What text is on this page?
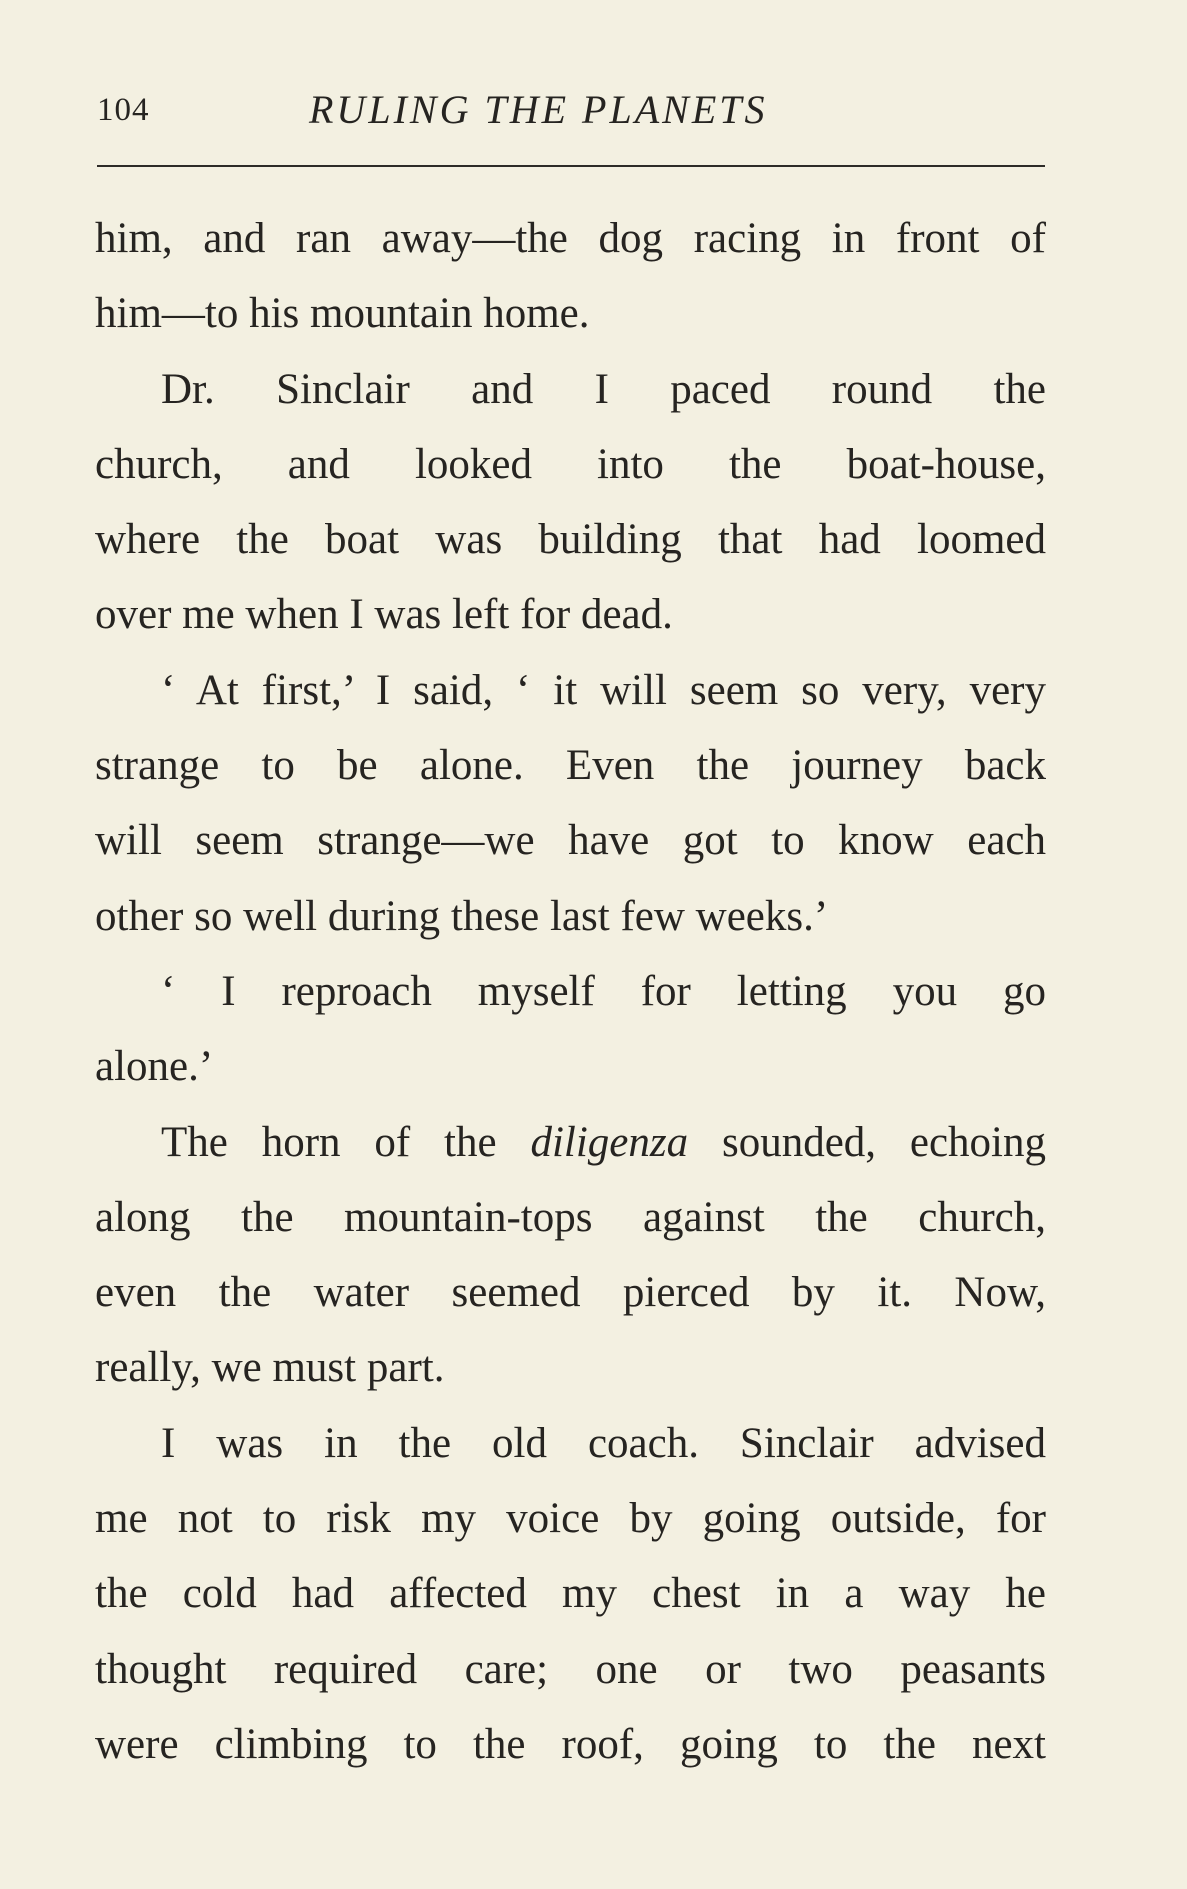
104	RULING THE PLANETS
him, and ran away—the dog racing in front of
him—to his mountain home.
Dr. Sinclair and I paced round the
church, and looked into the boat-house,
where the boat was building that had loomed
over me when I was left for dead.
‘ At first,’ I said, ‘ it will seem so very, very
strange to be alone. Even the journey back
will seem strange—we have got to know each
other so well during these last few weeks.’
‘ I reproach myself for letting you go
alone.’
The horn of the diligenza sounded, echoing
along the mountain-tops against the church,
even the water seemed pierced by it. Now,
really, we must part.
I was in the old coach. Sinclair advised
me not to risk my voice by going outside, for
the cold had affected my chest in a way he
thought required care; one or two peasants
were climbing to the roof, going to the next
